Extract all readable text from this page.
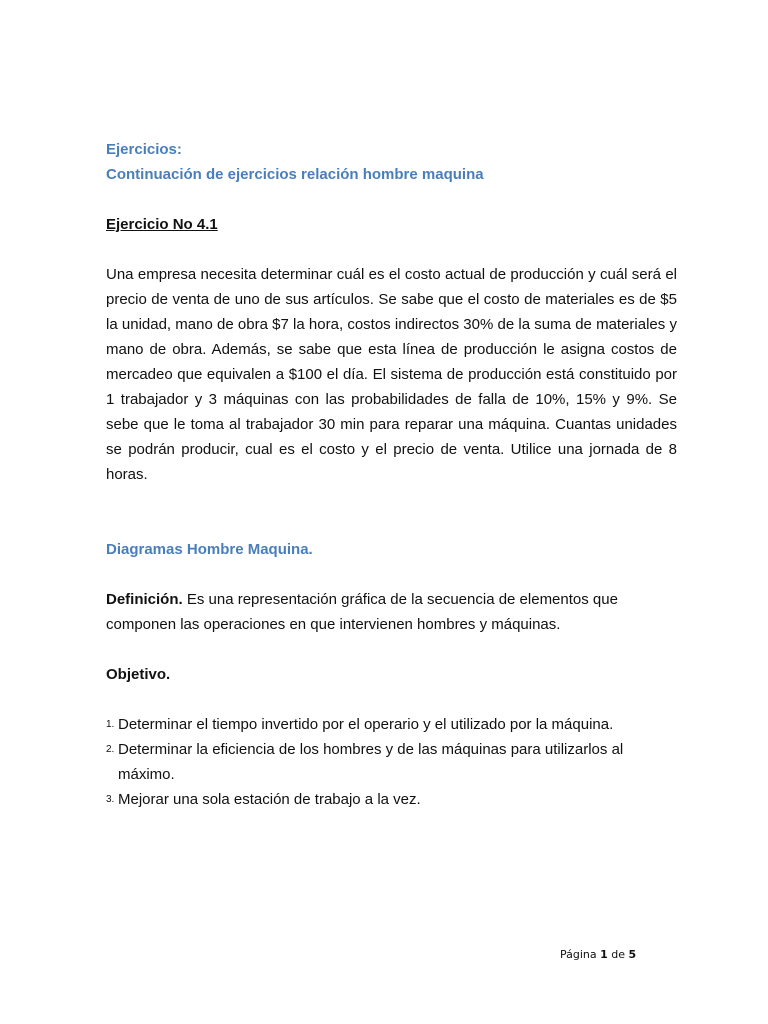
Ejercicios:

Continuación de ejercicios relación hombre maquina

Ejercicio No 4.1

Una empresa necesita determinar cuál es el costo actual de producción y cuál será el precio de venta de uno de sus artículos. Se sabe que el costo de materiales es de $5 la unidad, mano de obra $7 la hora, costos indirectos 30% de la suma de materiales y mano de obra. Además, se sabe que esta línea de producción le asigna costos de mercadeo que equivalen a $100 el día. El sistema de producción está constituido por 1 trabajador y 3 máquinas con las probabilidades de falla de 10%, 15% y 9%. Se sebe que le toma al trabajador 30 min para reparar una máquina. Cuantas unidades se podrán producir, cual es el costo y el precio de venta. Utilice una jornada de 8 horas.

Diagramas Hombre Maquina.

Definición. Es una representación gráfica de la secuencia de elementos que componen las operaciones en que intervienen hombres y máquinas.

Objetivo.

1. Determinar el tiempo invertido por el operario y el utilizado por la máquina.
2. Determinar la eficiencia de los hombres y de las máquinas para utilizarlos al máximo.
3. Mejorar una sola estación de trabajo a la vez.
Página 1 de 5
